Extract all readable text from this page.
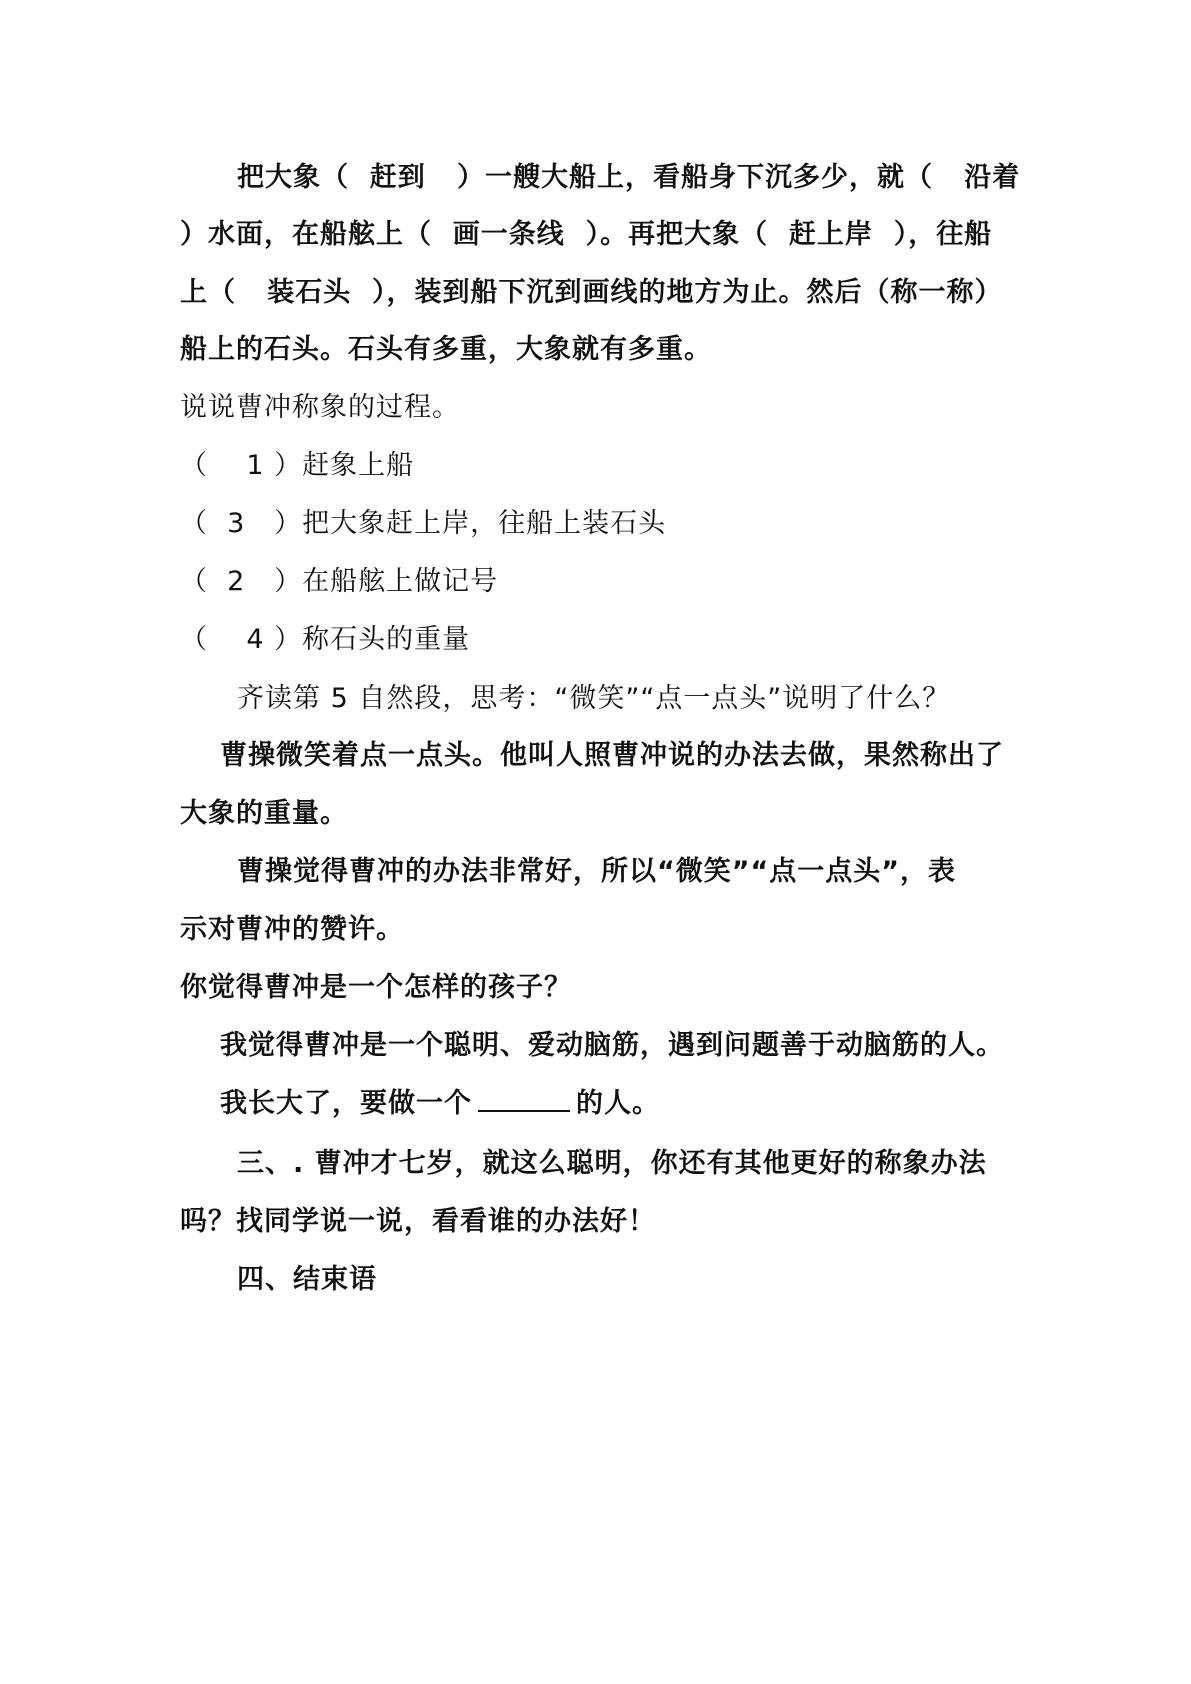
把大象（  赶到   ）一艘大船上，看船身下沉多少，就（   沿着
）水面，在船舷上（  画一条线  ）。再把大象（  赶上岸  ），往船
上（   装石头  ），装到船下沉到画线的地方为止。然后（称一称）
船上的石头。石头有多重，大象就有多重。
说说曹冲称象的过程。
（    1 ）赶象上船
（  3   ）把大象赶上岸，往船上装石头
（  2   ）在船舷上做记号
（    4 ）称石头的重量
齐读第 5 自然段，思考：“微笑”“点一点头”说明了什么？
曹操微笑着点一点头。他叫人照曹冲说的办法去做，果然称出了
大象的重量。
曹操觉得曹冲的办法非常好，所以“微笑”“点一点头”，表
示对曹冲的赞许。
你觉得曹冲是一个怎样的孩子？
我觉得曹冲是一个聪明、爱动脑筋，遇到问题善于动脑筋的人。
我长大了，要做一个	的人。
三、. 曹冲才七岁，就这么聪明，你还有其他更好的称象办法
吗？找同学说一说，看看谁的办法好！
四、结束语
